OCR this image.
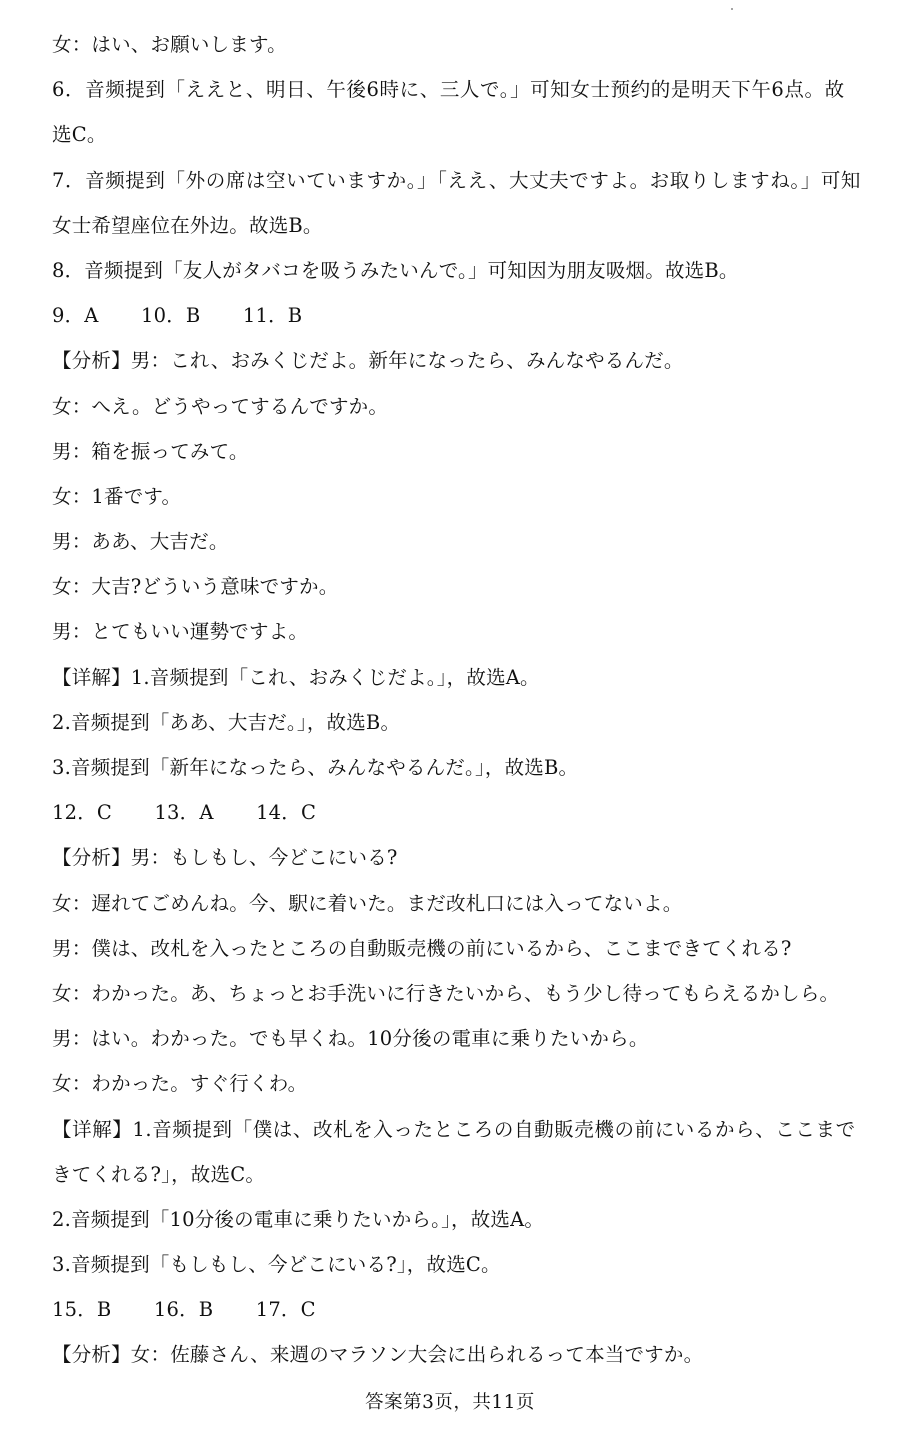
女：はい、お願いします。
6．音频提到「ええと、明日、午後6時に、三人で。」可知女士预约的是明天下午6点。故
选C。
7．音频提到「外の席は空いていますか。」「ええ、大丈夫ですよ。お取りしますね。」可知
女士希望座位在外边。故选B。
8．音频提到「友人がタバコを吸うみたいんで。」可知因为朋友吸烟。故选B。
9．A 10．B 11．B
【分析】男：これ、おみくじだよ。新年になったら、みんなやるんだ。
女：へえ。どうやってするんですか。
男：箱を振ってみて。
女：1番です。
男：ああ、大吉だ。
女：大吉?どういう意味ですか。
男：とてもいい運勢ですよ。
【详解】1.音频提到「これ、おみくじだよ。」，故选A。
2.音频提到「ああ、大吉だ。」，故选B。
3.音频提到「新年になったら、みんなやるんだ。」，故选B。
12．C 13．A 14．C
【分析】男：もしもし、今どこにいる?
女：遅れてごめんね。今、駅に着いた。まだ改札口には入ってないよ。
男：僕は、改札を入ったところの自動販売機の前にいるから、ここまできてくれる?
女：わかった。あ、ちょっとお手洗いに行きたいから、もう少し待ってもらえるかしら。
男：はい。わかった。でも早くね。10分後の電車に乗りたいから。
女：わかった。すぐ行くわ。
【详解】1.音频提到「僕は、改札を入ったところの自動販売機の前にいるから、ここまで
きてくれる?」，故选C。
2.音频提到「10分後の電車に乗りたいから。」，故选A。
3.音频提到「もしもし、今どこにいる?」，故选C。
15．B 16．B 17．C
【分析】女：佐藤さん、来週のマラソン大会に出られるって本当ですか。
答案第3页，共11页
